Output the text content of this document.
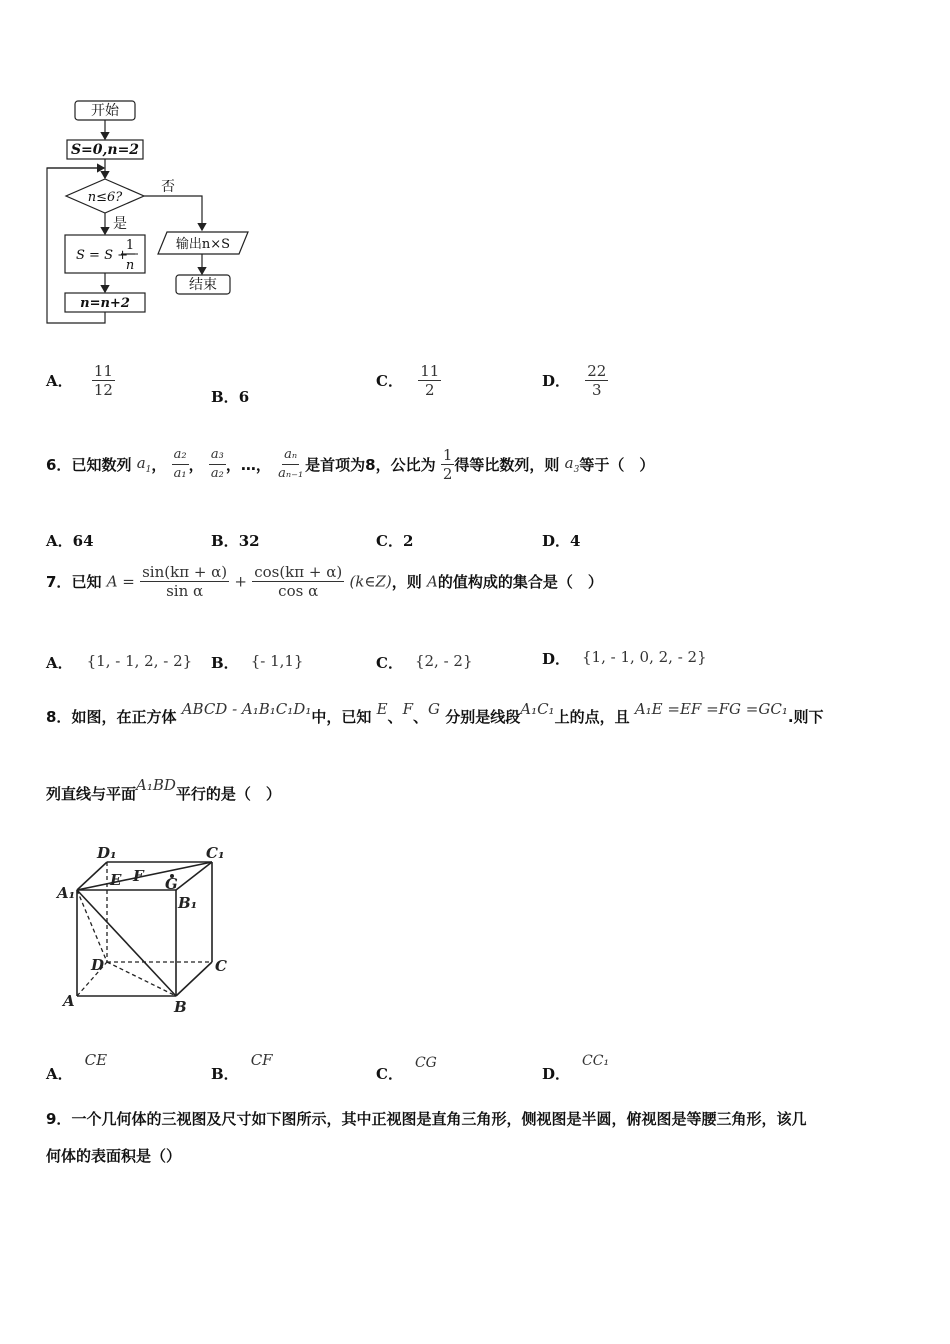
开始
S=0,n=2
n≤6?
否
是
S = S +
1
n
输出n×S
n=n+2
结束
A． $\frac{11}{12}$	B．6
C． $\frac{11}{2}$	D． $\frac{22}{3}$
6．已知数列 $a_1$， $\frac{\text{a₂}}{\text{a₁}}$ ， $\frac{\text{a₃}}{\text{a₂}}$ ，…， $\frac{\text{aₙ}}{\text{aₙ₋₁}}$ 是首项为8，公比为 $\frac{1}{2}$ 得等比数列，则 $a_3$等于（　）
A．64	B．32	C．2	D．4
7．已知 $A = \frac{\sin(k\pi + \alpha)}{\text{sin α}} + \frac{\cos(k\pi + \alpha)}{\text{cos α}}$ (k∈Z)，则 A的值构成的集合是（　）
A． {1, - 1, 2, - 2} B． {- 1,1}	C． {2, - 2}	D． {1, - 1, 0, 2, - 2}
8．如图，在正方体 ABCD - A₁B₁C₁D₁中，已知 E、F、G 分别是线段A₁C₁上的点，且 A₁E =EF =FG =GC₁.则下
列直线与平面A₁BD平行的是（　）
D₁	C₁
A₁
B₁
E F G
D	C
A	B
A．CE
B．CF
C．CG
D．CC₁
9．一个几何体的三视图及尺寸如下图所示，其中正视图是直角三角形，侧视图是半圆，俯视图是等腰三角形，该几
何体的表面积是（）
